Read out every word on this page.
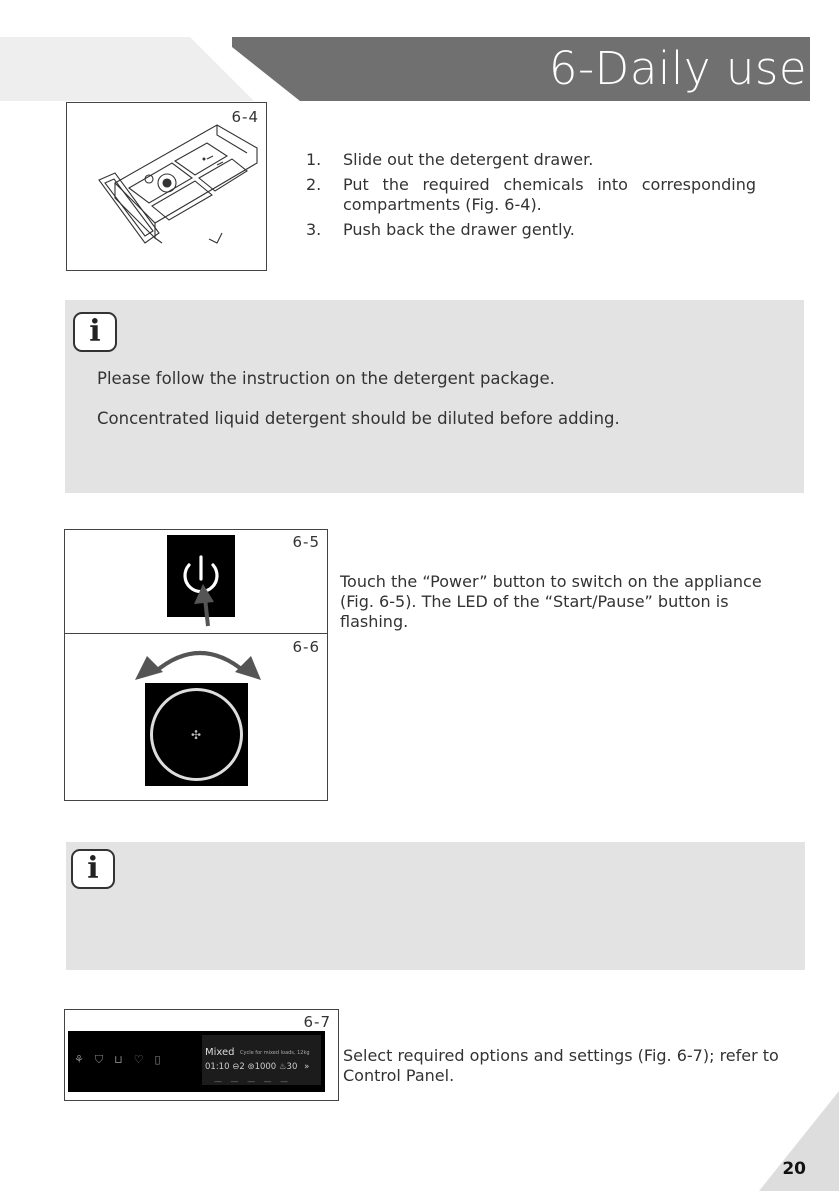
6-Daily use
6-4
1.	Slide out the detergent drawer.
2.	Put the required chemicals into corresponding compartments (Fig. 6-4).
3.	Push back the drawer gently.
i
Please follow the instruction on the detergent package.
Concentrated liquid detergent should be diluted before adding.
6-5
6-6
✣
Touch the “Power” button to switch on the appliance (Fig. 6-5). The LED of the “Start/Pause” button is flashing.
i
6-7
⚘⛉⊔♡▯
Mixed Cycle for mixed loads, 12kg
01:10 ⊖2 ⊚1000 ♨30 »
— — — — —
Select required options and settings (Fig. 6-7); refer to Control Panel.
20
